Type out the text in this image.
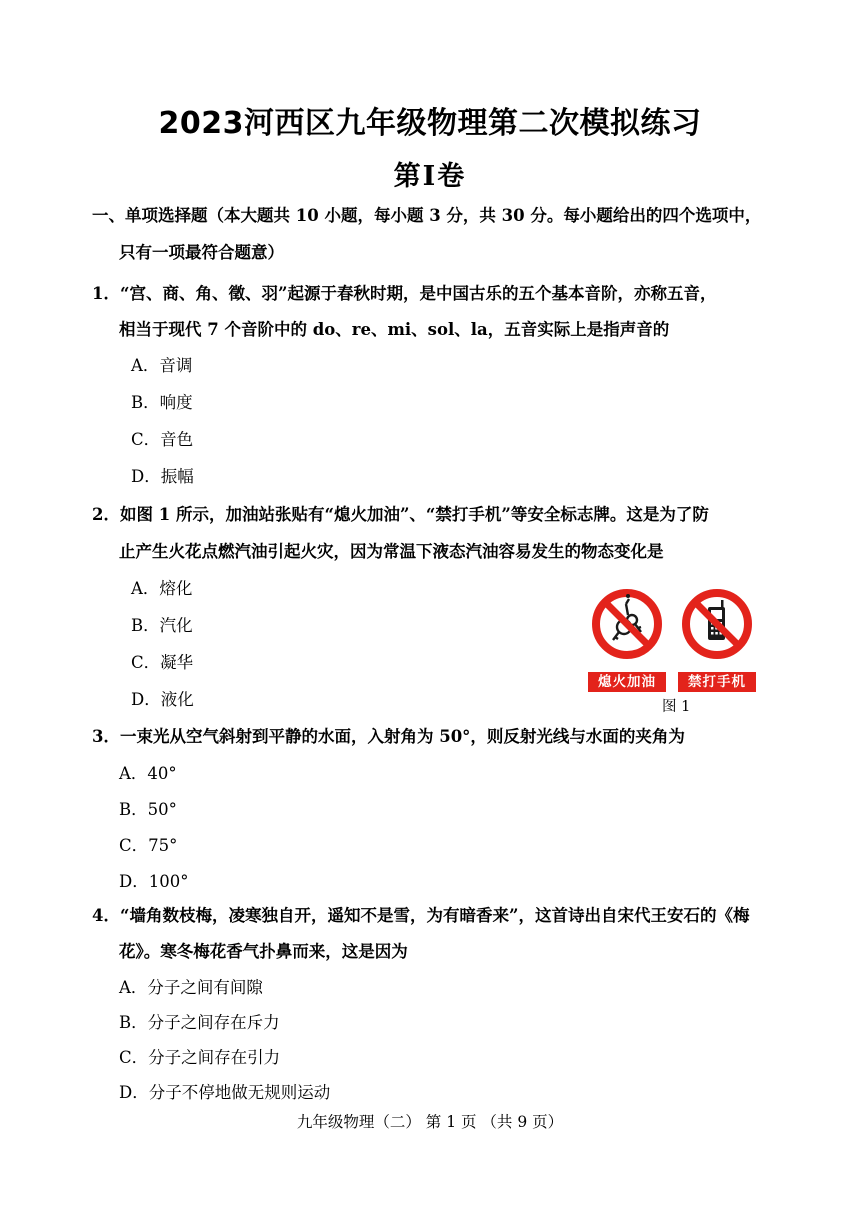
2023河西区九年级物理第二次模拟练习
第Ⅰ卷
一、单项选择题（本大题共 10 小题，每小题 3 分，共 30 分。每小题给出的四个选项中，
只有一项最符合题意）
1．“宫、商、角、徵、羽”起源于春秋时期，是中国古乐的五个基本音阶，亦称五音，
相当于现代 7 个音阶中的 do、re、mi、sol、la，五音实际上是指声音的
A．音调
B．响度
C．音色
D．振幅
2．如图 1 所示，加油站张贴有“熄火加油”、“禁打手机”等安全标志牌。这是为了防
止产生火花点燃汽油引起火灾，因为常温下液态汽油容易发生的物态变化是
A．熔化
B．汽化
C．凝华
D．液化
熄火加油	禁打手机
图 1
3．一束光从空气斜射到平静的水面，入射角为 50°，则反射光线与水面的夹角为
A．40°
B．50°
C．75°
D．100°
4．“墙角数枝梅，凌寒独自开，遥知不是雪，为有暗香来”，这首诗出自宋代王安石的《梅
花》。寒冬梅花香气扑鼻而来，这是因为
A．分子之间有间隙
B．分子之间存在斥力
C．分子之间存在引力
D．分子不停地做无规则运动
九年级物理（二） 第 1 页 （共 9 页）
